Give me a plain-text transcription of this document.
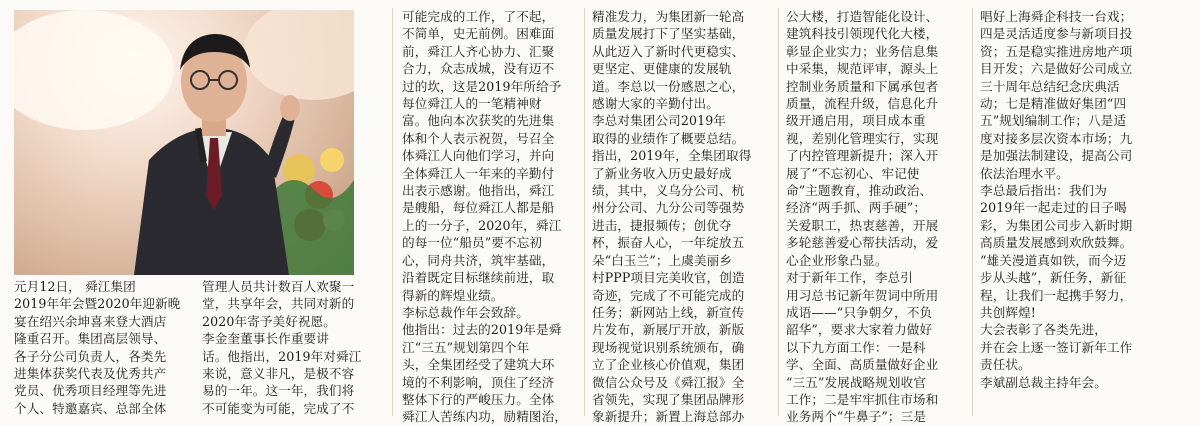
元月12日， 舜江集团
2019年年会暨2020年迎新晚
宴在绍兴余坤喜来登大酒店
隆重召开。集团高层领导、
各子分公司负责人，各类先
进集体获奖代表及优秀共产
党员、优秀项目经理等先进
个人、特邀嘉宾、总部全体
管理人员共计数百人欢聚一
堂，共享年会，共同对新的
2020年寄予美好祝愿。
李金奎董事长作重要讲
话。他指出，2019年对舜江
来说，意义非凡，是极不容
易的一年。这一年，我们将
不可能变为可能，完成了不
可能完成的工作，了不起，
不简单，史无前例。困难面
前，舜江人齐心协力、汇聚
合力，众志成城，没有迈不
过的坎，这是2019年所给予
每位舜江人的一笔精神财
富。他向本次获奖的先进集
体和个人表示祝贺，号召全
体舜江人向他们学习，并向
全体舜江人一年来的辛勤付
出表示感谢。他指出，舜江
是艘船，每位舜江人都是船
上的一分子，2020年，舜江
的每一位“船员”要不忘初
心，同舟共济，筑牢基础，
沿着既定目标继续前进，取
得新的辉煌业绩。
李标总裁作年会致辞。
他指出：过去的2019年是舜
江“三五”规划第四个年
头，全集团经受了建筑大环
境的不利影响，顶住了经济
整体下行的严峻压力。全体
舜江人苦练内功，励精图治，
精准发力，为集团新一轮高
质量发展打下了坚实基础，
从此迈入了新时代更稳实、
更坚定、更健康的发展轨
道。李总以一份感恩之心，
感谢大家的辛勤付出。
李总对集团公司2019年
取得的业绩作了概要总结。
指出，2019年，全集团取得
了新业务收入历史最好成
绩，其中，义乌分公司、杭
州分公司、九分公司等强势
进击，捷报频传；创优夺
杯，振奋人心，一年绽放五
朵“白玉兰”；上虞美丽乡
村PPP项目完美收官，创造
奇迹，完成了不可能完成的
任务；新网站上线，新宣传
片发布，新展厅开放，新版
现场视觉识别系统颁布，确
立了企业核心价值观，集团
微信公众号及《舜江报》全
省领先，实现了集团品牌形
象新提升；新置上海总部办
公大楼，打造智能化设计、
建筑科技引领现代化大楼，
彰显企业实力；业务信息集
中采集，规范评审，源头上
控制业务质量和下属承包者
质量，流程升级，信息化升
级开通启用，项目成本重
视，差别化管理实行，实现
了内控管理新提升；深入开
展了“不忘初心、牢记使
命”主题教育，推动政治、
经济“两手抓、两手硬”；
关爱职工，热衷慈善，开展
多轮慈善爱心帮扶活动，爱
心企业形象凸显。
对于新年工作，李总引
用习总书记新年贺词中所用
成语——“只争朝夕，不负
韶华”，要求大家着力做好
以下九方面工作：一是科
学、全面、高质量做好企业
“三五”发展战略规划收官
工作；二是牢牢抓住市场和
业务两个“牛鼻子”；三是
唱好上海舜企科技一台戏；
四是灵活适度参与新项目投
资；五是稳实推进房地产项
目开发；六是做好公司成立
三十周年总结纪念庆典活
动；七是精准做好集团“四
五”规划编制工作；八是适
度对接多层次资本市场；九
是加强法制建设，提高公司
依法治理水平。
李总最后指出：我们为
2019年一起走过的日子喝
彩，为集团公司步入新时期
高质量发展感到欢欣鼓舞。
“雄关漫道真如铁，而今迈
步从头越”，新任务，新征
程，让我们一起携手努力，
共创辉煌!
大会表彰了各类先进，
并在会上逐一签订新年工作
责任状。
李斌副总裁主持年会。
